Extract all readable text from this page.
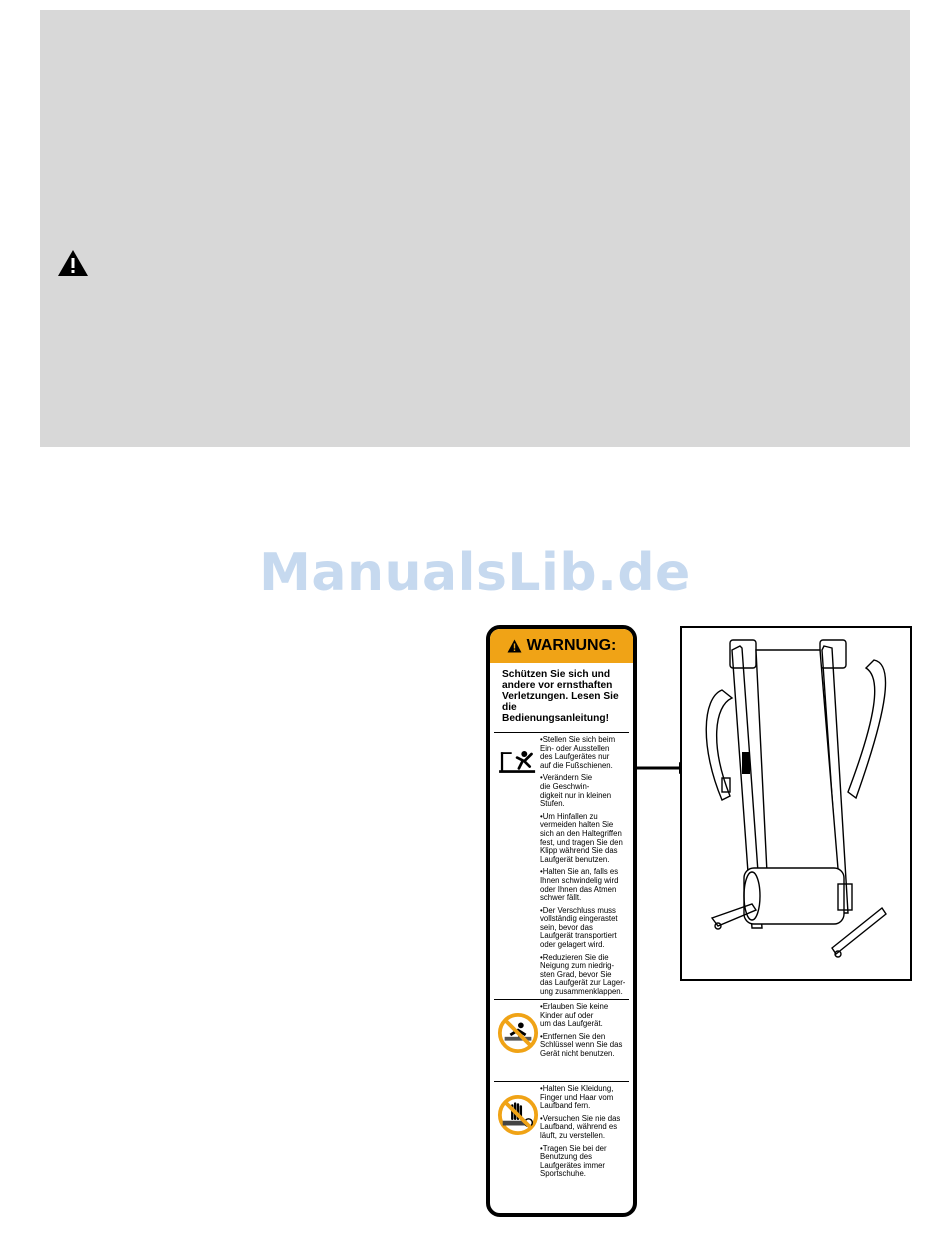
ManualsLib.de
WARNUNG:
Schützen Sie sich und
andere vor ernsthaften
Verletzungen. Lesen Sie
die Bedienungsanleitung!

•Stellen Sie sich beim
Ein- oder Ausstellen
des Laufgerätes nur
auf die Fußschienen.

•Verändern Sie
die Geschwin-
digkeit nur in kleinen
Stufen.

•Um Hinfallen zu
vermeiden halten Sie
sich an den Haltegriffen
fest, und tragen Sie den
Klipp während Sie das
Laufgerät benutzen.

•Halten Sie an, falls es
Ihnen schwindelig wird
oder Ihnen das Atmen
schwer fällt.

•Der Verschluss muss
vollständig eingerastet
sein, bevor das
Laufgerät transportiert
oder gelagert wird.

•Reduzieren Sie die
Neigung zum niedrig-
sten Grad, bevor Sie
das Laufgerät zur Lager-
ung zusammenklappen.

•Erlauben Sie keine
Kinder auf oder
um das Laufgerät.

•Entfernen Sie den
Schlüssel wenn Sie das
Gerät nicht benutzen.

•Halten Sie Kleidung,
Finger und Haar vom
Laufband fern.

•Versuchen Sie nie das
Laufband, während es
läuft, zu verstellen.

•Tragen Sie bei der
Benutzung des
Laufgerätes immer
Sportschuhe.
